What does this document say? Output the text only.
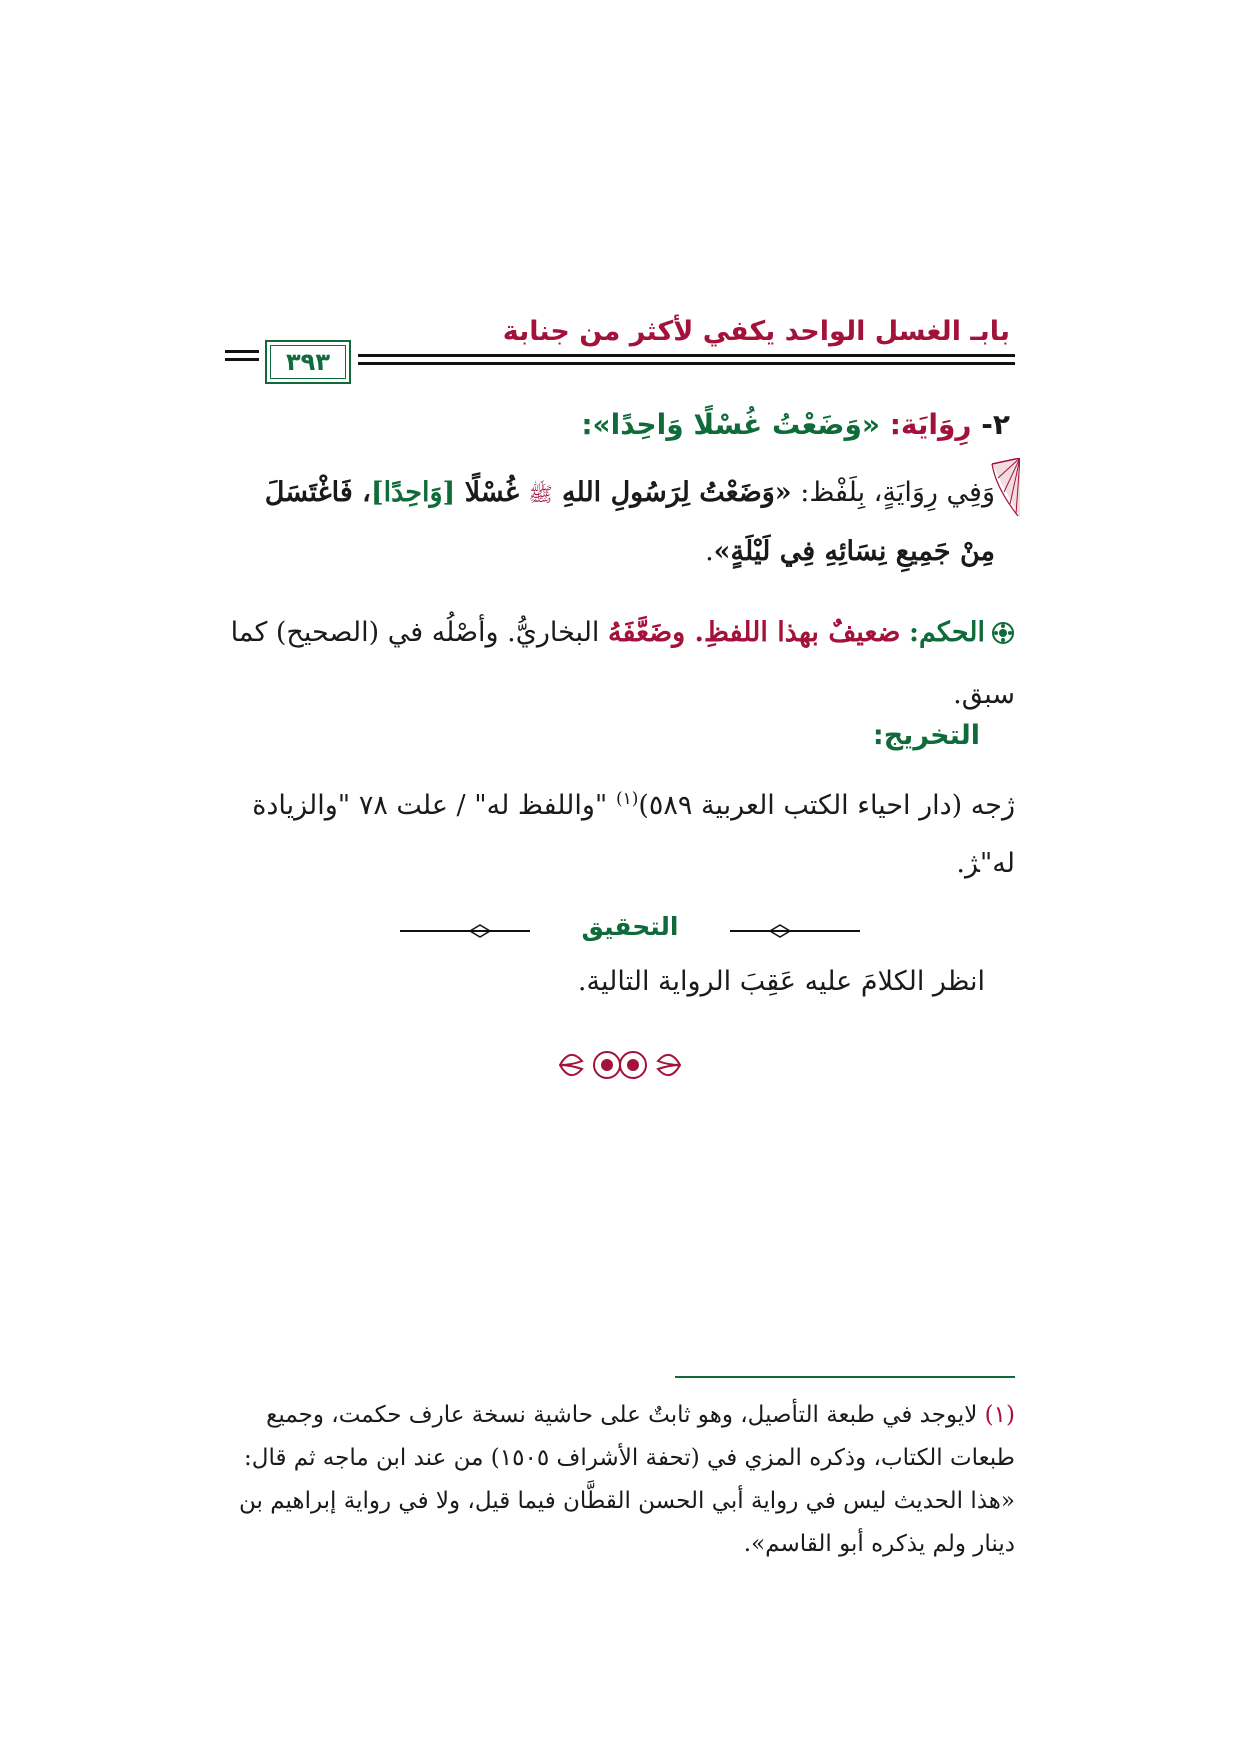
بابـ الغسل الواحد يكفي لأكثر من جنابة
٣٩٣
٢- رِوَايَة: «وَضَعْتُ غُسْلًا وَاحِدًا»:
وَفِي رِوَايَةٍ، بِلَفْظ: «وَضَعْتُ لِرَسُولِ اللهِ ﷺ غُسْلًا [وَاحِدًا]، فَاغْتَسَلَ مِنْ جَمِيعِ نِسَائِهِ فِي لَيْلَةٍ».
الحكم: ضعيفٌ بهذا اللفظِ. وضَعَّفَهُ البخاريُّ. وأصْلُه في (الصحيح) كما سبق.
التخريج:
ﮊجه (دار احياء الكتب العربية ٥٨٩)$^{(١)}$ "واللفظ له" / علت ٧٨ "والزيادة له"ﮋ.
التحقيق
انظر الكلامَ عليه عَقِبَ الرواية التالية.
(١) لايوجد في طبعة التأصيل، وهو ثابتٌ على حاشية نسخة عارف حكمت، وجميع طبعات الكتاب، وذكره المزي في (تحفة الأشراف ١٥٠٥) من عند ابن ماجه ثم قال: «هذا الحديث ليس في رواية أبي الحسن القطَّان فيما قيل، ولا في رواية إبراهيم بن دينار ولم يذكره أبو القاسم».
